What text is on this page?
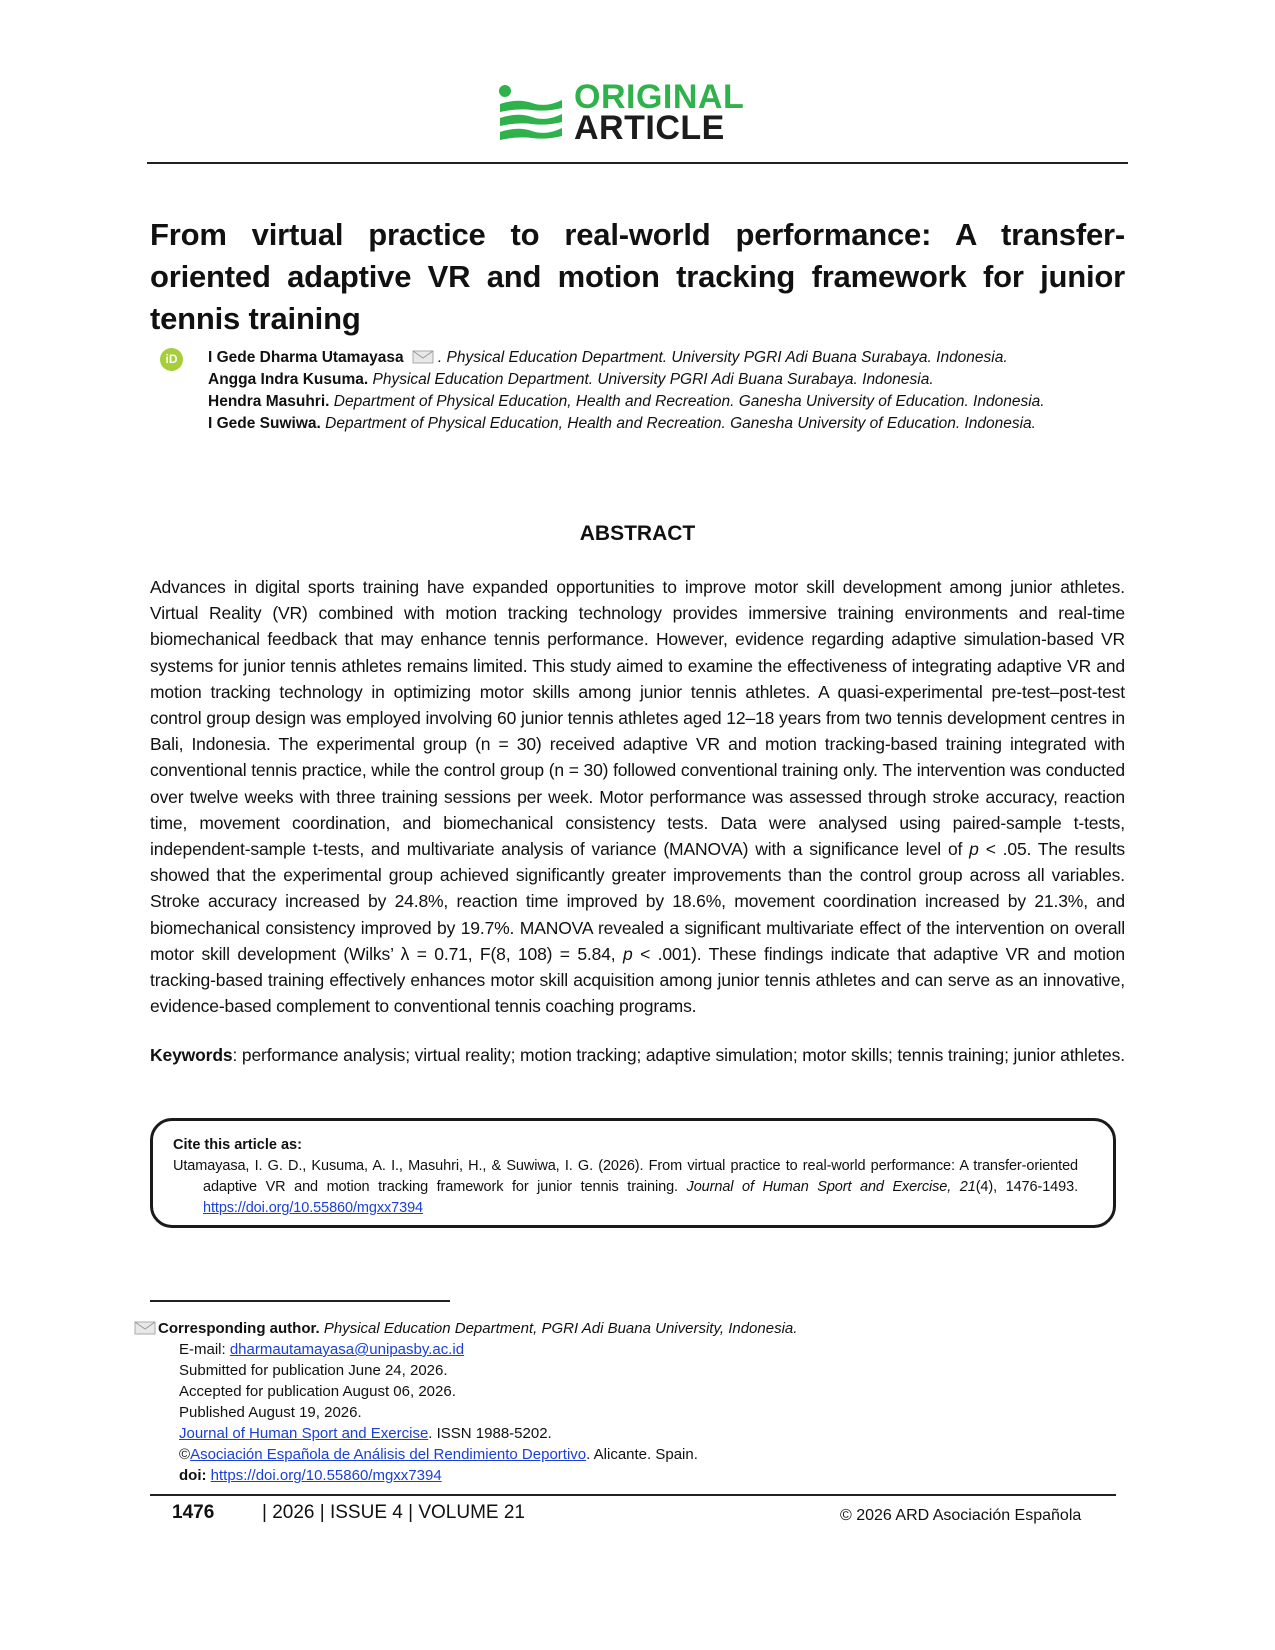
ORIGINAL
ARTICLE
From virtual practice to real-world performance: A transfer-oriented adaptive VR and motion tracking framework for junior tennis training
iD	I Gede Dharma Utamayasa . Physical Education Department. University PGRI Adi Buana Surabaya. Indonesia.
Angga Indra Kusuma. Physical Education Department. University PGRI Adi Buana Surabaya. Indonesia.
Hendra Masuhri. Department of Physical Education, Health and Recreation. Ganesha University of Education. Indonesia.
I Gede Suwiwa. Department of Physical Education, Health and Recreation. Ganesha University of Education. Indonesia.
ABSTRACT
Advances in digital sports training have expanded opportunities to improve motor skill development among junior athletes. Virtual Reality (VR) combined with motion tracking technology provides immersive training environments and real-time biomechanical feedback that may enhance tennis performance. However, evidence regarding adaptive simulation-based VR systems for junior tennis athletes remains limited. This study aimed to examine the effectiveness of integrating adaptive VR and motion tracking technology in optimizing motor skills among junior tennis athletes. A quasi-experimental pre-test–post-test control group design was employed involving 60 junior tennis athletes aged 12–18 years from two tennis development centres in Bali, Indonesia. The experimental group (n = 30) received adaptive VR and motion tracking-based training integrated with conventional tennis practice, while the control group (n = 30) followed conventional training only. The intervention was conducted over twelve weeks with three training sessions per week. Motor performance was assessed through stroke accuracy, reaction time, movement coordination, and biomechanical consistency tests. Data were analysed using paired-sample t-tests, independent-sample t-tests, and multivariate analysis of variance (MANOVA) with a significance level of p < .05. The results showed that the experimental group achieved significantly greater improvements than the control group across all variables. Stroke accuracy increased by 24.8%, reaction time improved by 18.6%, movement coordination increased by 21.3%, and biomechanical consistency improved by 19.7%. MANOVA revealed a significant multivariate effect of the intervention on overall motor skill development (Wilks’ λ = 0.71, F(8, 108) = 5.84, p < .001). These findings indicate that adaptive VR and motion tracking-based training effectively enhances motor skill acquisition among junior tennis athletes and can serve as an innovative, evidence-based complement to conventional tennis coaching programs.
Keywords: performance analysis; virtual reality; motion tracking; adaptive simulation; motor skills; tennis training; junior athletes.
Cite this article as:
Utamayasa, I. G. D., Kusuma, A. I., Masuhri, H., & Suwiwa, I. G. (2026). From virtual practice to real-world performance: A transfer-oriented adaptive VR and motion tracking framework for junior tennis training. Journal of Human Sport and Exercise, 21(4), 1476-1493. https://doi.org/10.55860/mgxx7394
Corresponding author. Physical Education Department, PGRI Adi Buana University, Indonesia.
E-mail: dharmautamayasa@unipasby.ac.id
Submitted for publication June 24, 2026.
Accepted for publication August 06, 2026.
Published August 19, 2026.
Journal of Human Sport and Exercise. ISSN 1988-5202.
©Asociación Española de Análisis del Rendimiento Deportivo. Alicante. Spain.
doi: https://doi.org/10.55860/mgxx7394
1476	| 2026 | ISSUE 4 | VOLUME 21	© 2026 ARD Asociación Española
